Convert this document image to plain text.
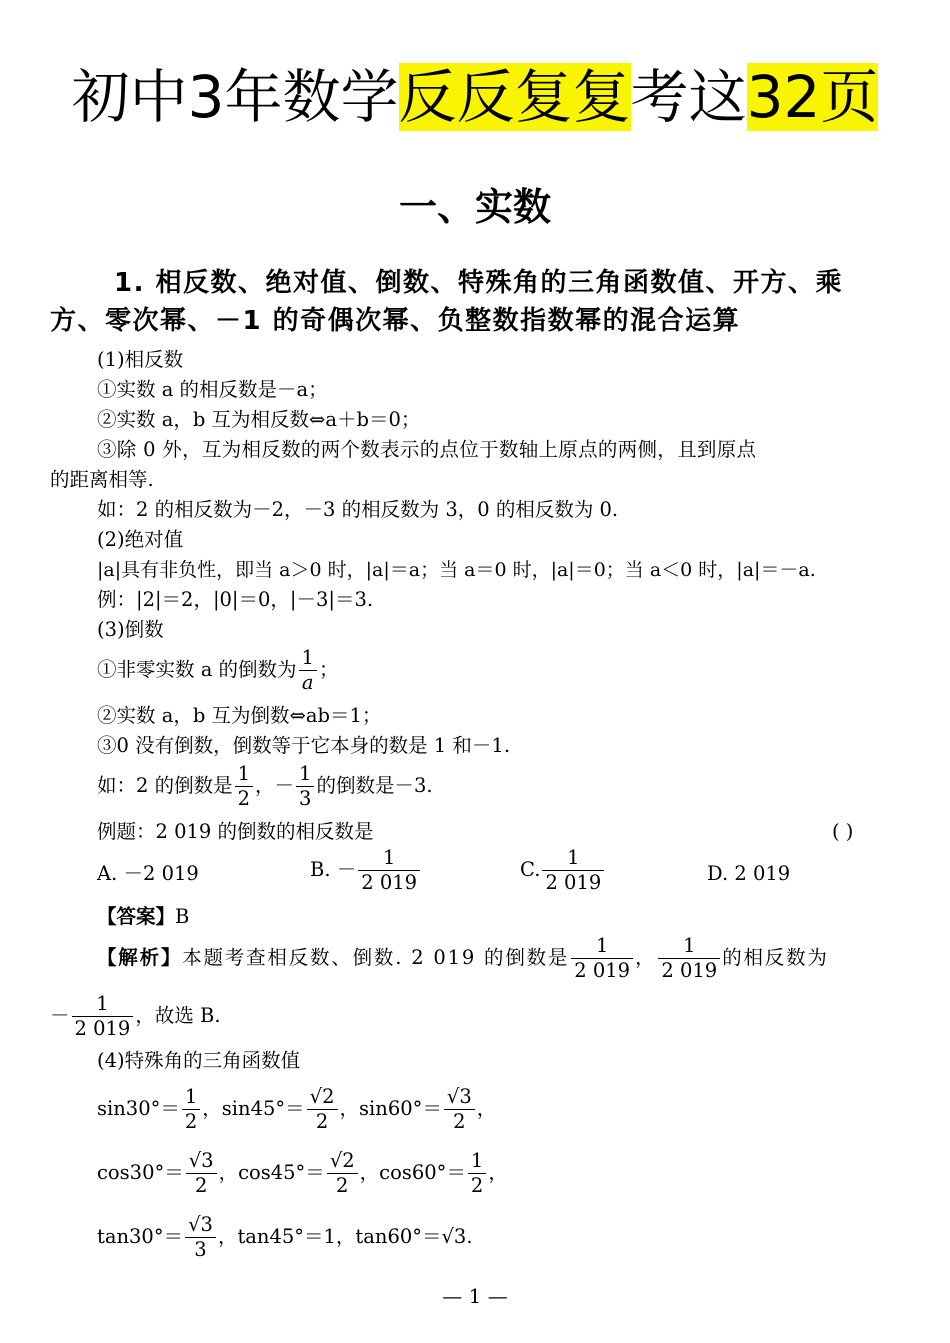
初中3年数学反反复复考这32页
一、实数
1. 相反数、绝对值、倒数、特殊角的三角函数值、开方、乘
方、零次幂、－1 的奇偶次幂、负整数指数幂的混合运算
(1)相反数
①实数 a 的相反数是－a；
②实数 a，b 互为相反数⇔a＋b＝0；
③除 0 外，互为相反数的两个数表示的点位于数轴上原点的两侧，且到原点
的距离相等.
如：2 的相反数为－2，－3 的相反数为 3，0 的相反数为 0.
(2)绝对值
|a|具有非负性，即当 a＞0 时，|a|＝a；当 a＝0 时，|a|＝0；当 a＜0 时，|a|＝－a.
例：|2|＝2，|0|＝0，|－3|＝3.
(3)倒数
①非零实数 a 的倒数为 $\frac{1}{a}$ ；
②实数 a，b 互为倒数⇔ab＝1；
③0 没有倒数，倒数等于它本身的数是 1 和－1.
如：2 的倒数是 $\frac{1}{2}$ ，－ $\frac{1}{3}$ 的倒数是－3.
例题：2 019 的倒数的相反数是	( )
A. －2 019	B. － $\frac{1}{2 019}$	C. $\frac{1}{2 019}$	D. 2 019
【答案】B
【解析】本题考查相反数、倒数. 2 019 的倒数是 $\frac{1}{2 019}$ ， $\frac{1}{2 019}$ 的相反数为
－ $\frac{1}{2 019}$ ，故选 B.
(4)特殊角的三角函数值
$\sin 30^\circ= \frac{1}{2}$ ，$\sin 45^\circ= \frac{√2}{2}$ ，$\sin 60^\circ= \frac{√3}{2}$ ，
$\cos 30^\circ= \frac{√3}{2}$ ，$\cos 45^\circ= \frac{√2}{2}$ ，$\cos 60^\circ= \frac{1}{2}$ ，
$\tan 30^\circ= \frac{√3}{3}$ ，tan45°＝1，tan60°＝√3.
— 1 —
